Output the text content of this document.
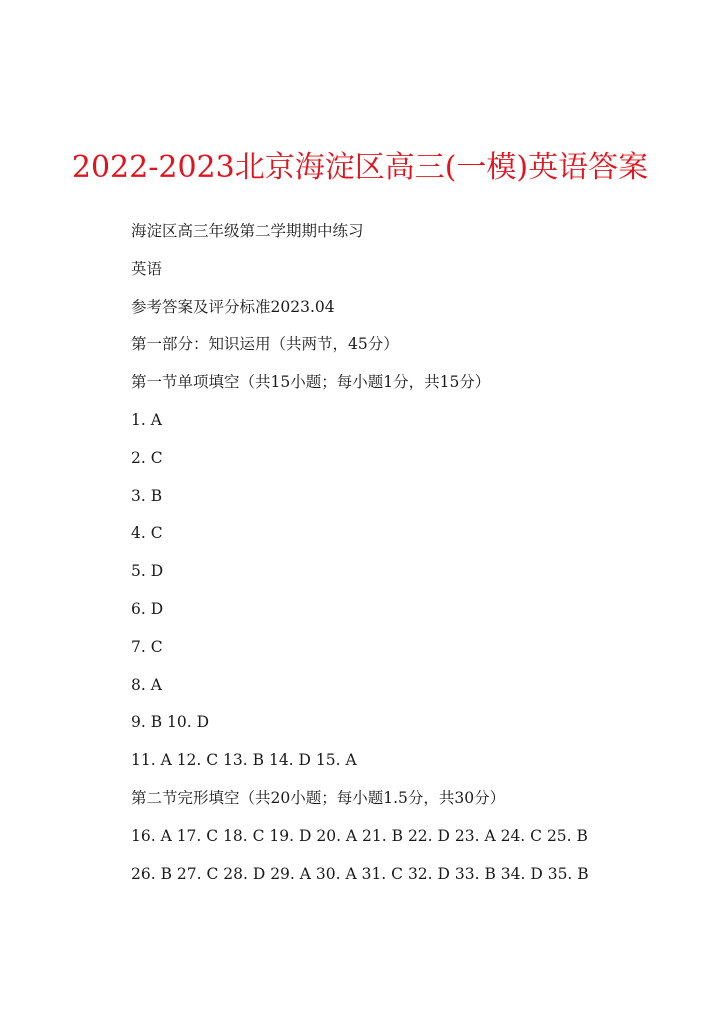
2022-2023北京海淀区高三(一模)英语答案
海淀区高三年级第二学期期中练习
英语
参考答案及评分标准2023.04
第一部分：知识运用（共两节，45分）
第一节单项填空（共15小题；每小题1分，共15分）
1. A
2. C
3. B
4. C
5. D
6. D
7. C
8. A
9. B 10. D
11. A 12. C 13. B 14. D 15. A
第二节完形填空（共20小题；每小题1.5分，共30分）
16. A 17. C 18. C 19. D 20. A 21. B 22. D 23. A 24. C 25. B
26. B 27. C 28. D 29. A 30. A 31. C 32. D 33. B 34. D 35. B
